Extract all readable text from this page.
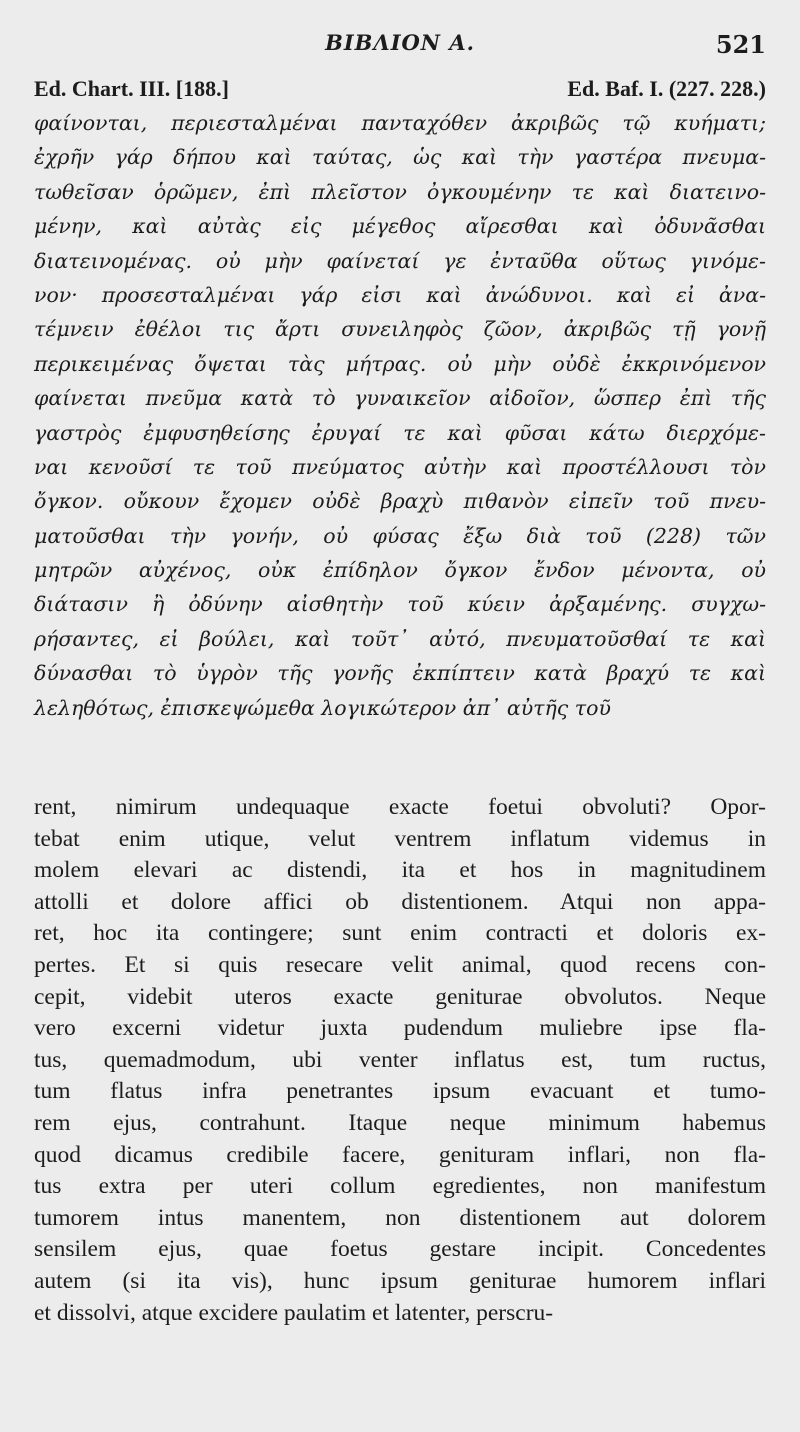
ΒΙΒΛΙΟΝ Α.	521
Ed. Chart. III. [188.]	Ed. Baf. I. (227. 228.)
φαίνονται, περιεσταλμέναι πανταχόθεν ἀκριβῶς τῷ κυήματι;
ἐχρῆν γάρ δήπου καὶ ταύτας, ὡς καὶ τὴν γαστέρα πνευμα-
τωθεῖσαν ὁρῶμεν, ἐπὶ πλεῖστον ὀγκουμένην τε καὶ διατεινο-
μένην, καὶ αὐτὰς εἰς μέγεθος αἴρεσθαι καὶ ὀδυνᾶσθαι
διατεινομένας. οὐ μὴν φαίνεταί γε ἐνταῦθα οὕτως γινόμε-
νον· προσεσταλμέναι γάρ εἰσι καὶ ἀνώδυνοι. καὶ εἰ ἀνα-
τέμνειν ἐθέλοι τις ἄρτι συνειληφὸς ζῶον, ἀκριβῶς τῇ γονῇ
περικειμένας ὄψεται τὰς μήτρας. οὐ μὴν οὐδὲ ἐκκρινόμενον
φαίνεται πνεῦμα κατὰ τὸ γυναικεῖον αἰδοῖον, ὥσπερ ἐπὶ τῆς
γαστρὸς ἐμφυσηθείσης ἐρυγαί τε καὶ φῦσαι κάτω διερχόμε-
ναι κενοῦσί τε τοῦ πνεύματος αὐτὴν καὶ προστέλλουσι τὸν
ὄγκον. οὔκουν ἔχομεν οὐδὲ βραχὺ πιθανὸν εἰπεῖν τοῦ πνευ-
ματοῦσθαι τὴν γονήν, οὐ φύσας ἔξω διὰ τοῦ (228) τῶν
μητρῶν αὐχένος, οὐκ ἐπίδηλον ὄγκον ἔνδον μένοντα, οὐ
διάτασιν ἢ ὀδύνην αἰσθητὴν τοῦ κύειν ἀρξαμένης. συγχω-
ρήσαντες, εἰ βούλει, καὶ τοῦτ᾽ αὐτό, πνευματοῦσθαί τε καὶ
δύνασθαι τὸ ὑγρὸν τῆς γονῆς ἐκπίπτειν κατὰ βραχύ τε καὶ
λεληθότως, ἐπισκεψώμεθα λογικώτερον ἀπ᾽ αὐτῆς τοῦ
rent, nimirum undequaque exacte foetui obvoluti? Opor-
tebat enim utique, velut ventrem inflatum videmus in
molem elevari ac distendi, ita et hos in magnitudinem
attolli et dolore affici ob distentionem. Atqui non appa-
ret, hoc ita contingere; sunt enim contracti et doloris ex-
pertes. Et si quis resecare velit animal, quod recens con-
cepit, videbit uteros exacte geniturae obvolutos. Neque
vero excerni videtur juxta pudendum muliebre ipse fla-
tus, quemadmodum, ubi venter inflatus est, tum ructus,
tum flatus infra penetrantes ipsum evacuant et tumo-
rem ejus, contrahunt. Itaque neque minimum habemus
quod dicamus credibile facere, genituram inflari, non fla-
tus extra per uteri collum egredientes, non manifestum
tumorem intus manentem, non distentionem aut dolorem
sensilem ejus, quae foetus gestare incipit. Concedentes
autem (si ita vis), hunc ipsum geniturae humorem inflari
et dissolvi, atque excidere paulatim et latenter, perscru-
